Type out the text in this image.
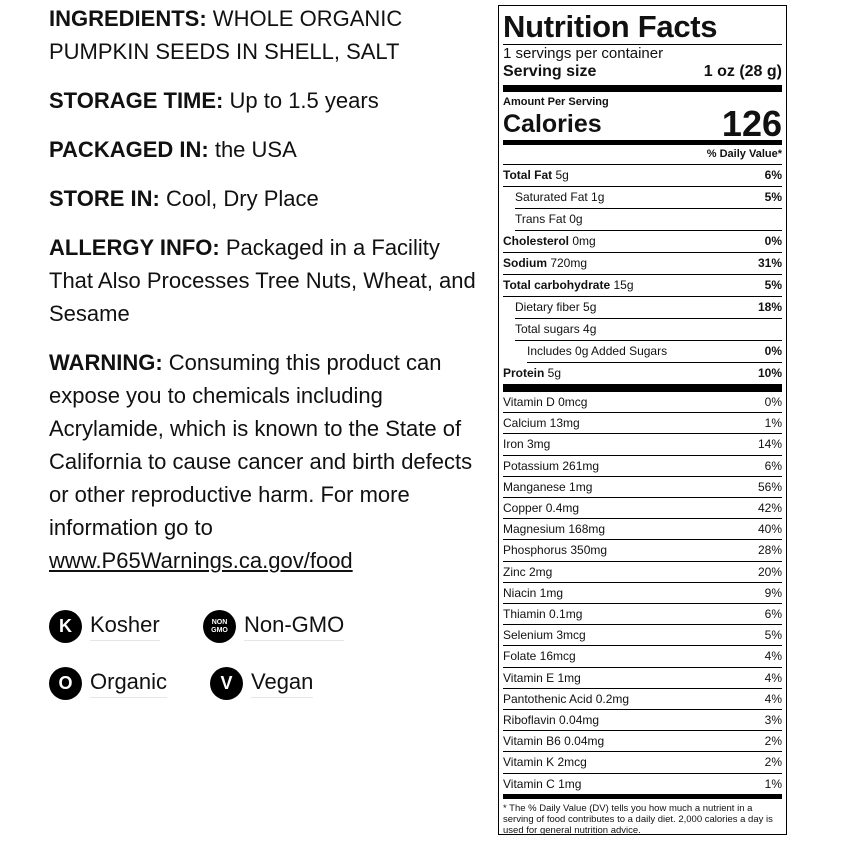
INGREDIENTS: WHOLE ORGANIC PUMPKIN SEEDS IN SHELL, SALT

STORAGE TIME: Up to 1.5 years

PACKAGED IN: the USA

STORE IN: Cool, Dry Place

ALLERGY INFO: Packaged in a Facility That Also Processes Tree Nuts, Wheat, and Sesame

WARNING: Consuming this product can expose you to chemicals including Acrylamide, which is known to the State of California to cause cancer and birth defects or other reproductive harm. For more information go to www.P65Warnings.ca.gov/food

K Kosher	NON GMO Non-GMO
O Organic	V Vegan
Nutrition Facts
1 servings per container
Serving size	1 oz (28 g)
Amount Per Serving
Calories	126
% Daily Value*
Total Fat 5g	6%
Saturated Fat 1g	5%
Trans Fat 0g
Cholesterol 0mg	0%
Sodium 720mg	31%
Total carbohydrate 15g	5%
Dietary fiber 5g	18%
Total sugars 4g
Includes 0g Added Sugars	0%
Protein 5g	10%
Vitamin D 0mcg	0%
Calcium 13mg	1%
Iron 3mg	14%
Potassium 261mg	6%
Manganese 1mg	56%
Copper 0.4mg	42%
Magnesium 168mg	40%
Phosphorus 350mg	28%
Zinc 2mg	20%
Niacin 1mg	9%
Thiamin 0.1mg	6%
Selenium 3mcg	5%
Folate 16mcg	4%
Vitamin E 1mg	4%
Pantothenic Acid 0.2mg	4%
Riboflavin 0.04mg	3%
Vitamin B6 0.04mg	2%
Vitamin K 2mcg	2%
Vitamin C 1mg	1%
* The % Daily Value (DV) tells you how much a nutrient in a serving of food contributes to a daily diet. 2,000 calories a day is used for general nutrition advice.
